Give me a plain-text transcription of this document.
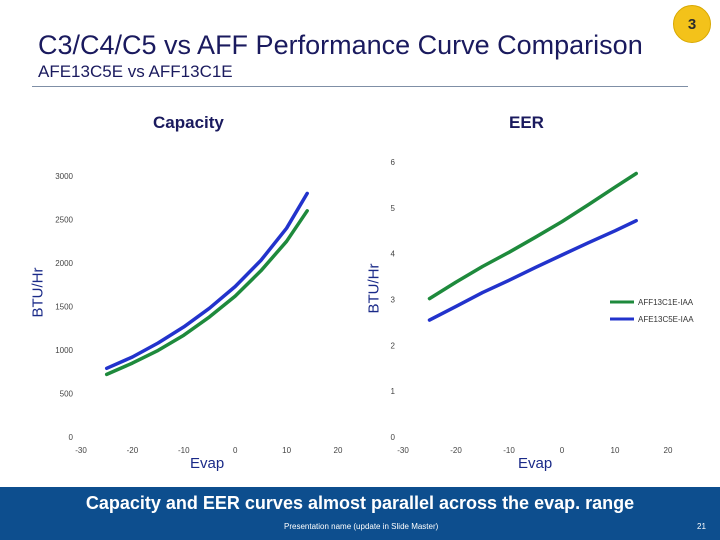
C3/C4/C5 vs AFF Performance Curve Comparison
AFE13C5E vs AFF13C1E
3
Capacity
BTU/Hr
Evap
0
500
1000
1500
2000
2500
3000
-30	-20	-10	0	10	20
EER
BTU/Hr
Evap
0
1
2
3
4
5
6
-30	-20	-10	0	10	20
AFF13C1E-IAA
AFE13C5E-IAA
Capacity and EER curves almost parallel across the evap. range
Presentation name (update in Slide Master)	21
